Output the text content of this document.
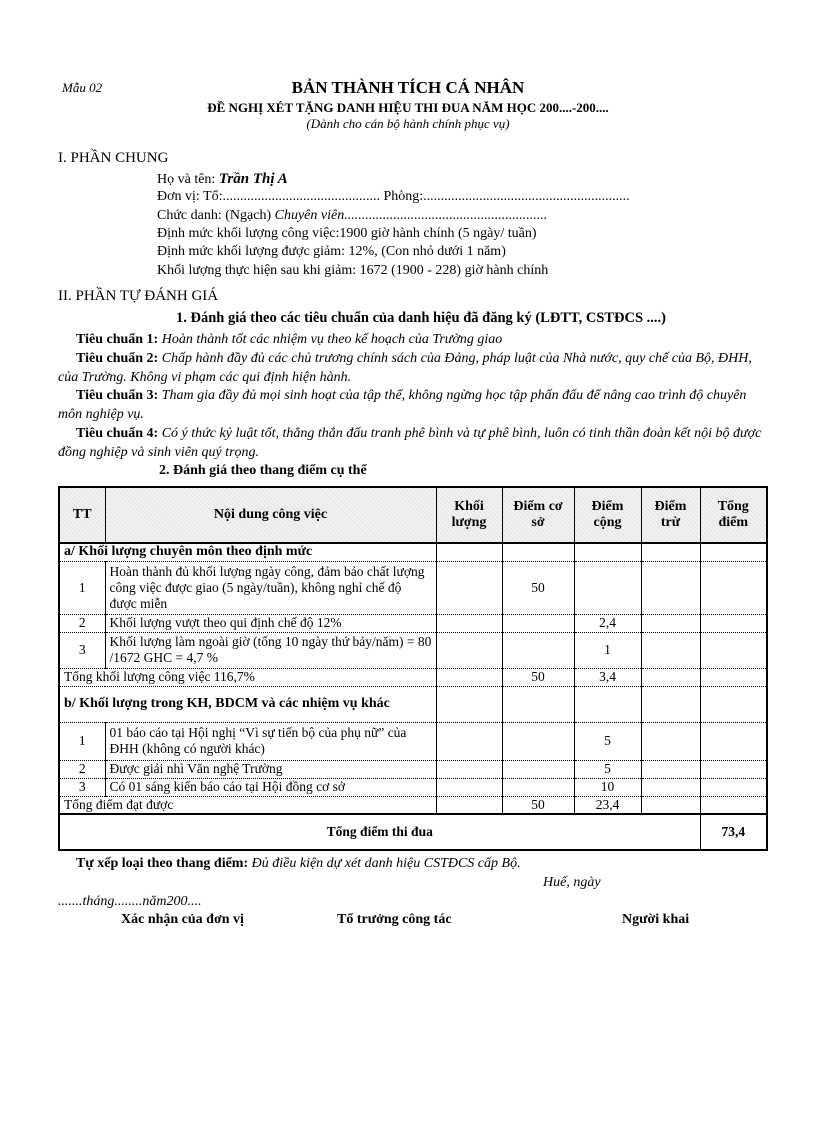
Mẫu 02	BẢN THÀNH TÍCH CÁ NHÂN
ĐỀ NGHỊ XÉT TẶNG DANH HIỆU THI ĐUA NĂM HỌC 200....-200....
(Dành cho cán bộ hành chính phục vụ)
I. PHẦN CHUNG
Họ và tên: Trần Thị A
Đơn vị: Tổ:............................................. Phòng:...........................................................
Chức danh: (Ngạch) Chuyên viên..........................................................
Định mức khối lượng công việc:1900 giờ hành chính (5 ngày/ tuần)
Định mức khối lượng được giảm: 12%, (Con nhỏ dưới 1 năm)
Khối lượng thực hiện sau khi giảm: 1672 (1900 - 228) giờ hành chính
II. PHẦN TỰ ĐÁNH GIÁ
1. Đánh giá theo các tiêu chuẩn của danh hiệu đã đăng ký (LĐTT, CSTĐCS ....)
Tiêu chuẩn 1: Hoàn thành tốt các nhiệm vụ theo kế hoạch của Trường giao
Tiêu chuẩn 2: Chấp hành đầy đủ các chủ trương chính sách của Đảng, pháp luật của Nhà nước, quy chế của Bộ, ĐHH, của Trường. Không vi phạm các qui định hiện hành.
Tiêu chuẩn 3: Tham gia đầy đủ mọi sinh hoạt của tập thể, không ngừng học tập phấn đấu để nâng cao trình độ chuyên môn nghiệp vụ.
Tiêu chuẩn 4: Có ý thức kỷ luật tốt, thẳng thắn đấu tranh phê bình và tự phê bình, luôn có tinh thần đoàn kết nội bộ được đồng nghiệp và sinh viên quý trọng.
2. Đánh giá theo thang điểm cụ thể
TT	Nội dung công việc	Khối lượng	Điểm cơ sở	Điểm cộng	Điểm trừ	Tổng điểm
a/ Khối lượng chuyên môn theo định mức						
1	Hoàn thành đủ khối lượng ngày công, đảm bảo chất lượng công việc được giao (5 ngày/tuần), không nghỉ chế độ được miễn		50			
2	Khối lượng vượt theo qui định chế độ 12%			2,4		
3	Khối lượng làm ngoài giờ (tổng 10 ngày thứ bảy/năm) = 80 /1672 GHC = 4,7 %			1		
Tổng khối lượng công việc 116,7%			50	3,4		
b/ Khối lượng trong KH, BDCM và các nhiệm vụ khác						
1	01 báo cáo tại Hội nghị “Vì sự tiến bộ của phụ nữ” của ĐHH (không có người khác)			5		
2	Được giải nhì Văn nghệ Trường			5		
3	Có 01 sáng kiến báo cáo tại Hội đồng cơ sở			10		
Tổng điểm đạt được			50	23,4		
Tổng điểm thi đua						73,4
Tự xếp loại theo thang điểm: Đủ điều kiện dự xét danh hiệu CSTĐCS cấp Bộ.
Huế, ngày
.......tháng........năm200....
Xác nhận của đơn vị	Tổ trưởng công tác	Người khai
